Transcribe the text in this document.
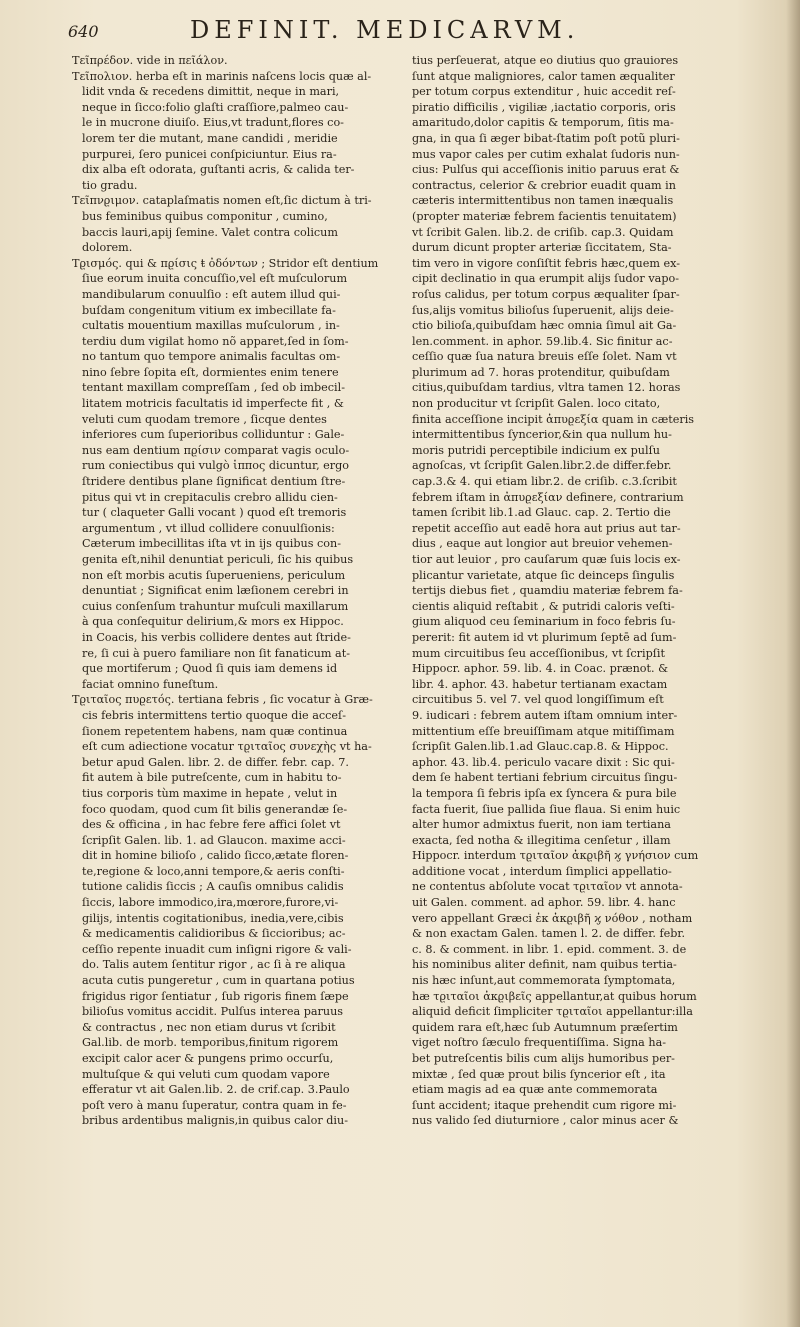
640	DEFINIT. MEDICARVM.
Τεῖπρέδον. vide in πεῖάλον.
Τεῖπολιον. herba eſt in marinis naſcens locis quæ al-
lidit vnda & recedens dimittit, neque in mari,
neque in ſicco:folio glaſti craſſiore,palmeo cau-
le in mucrone diuiſo. Eius,vt tradunt,flores co-
lorem ter die mutant, mane candidi , meridie
purpurei, ſero punicei conſpiciuntur. Eius ra-
dix alba eſt odorata, guſtanti acris, & calida ter-
tio gradu.
Τεῖπνϱιμον. cataplaſmatis nomen eſt,ſic dictum à tri-
bus feminibus quibus componitur , cumino,
baccis lauri,apij ſemine. Valet contra colicum
dolorem.
Τϱισμός. qui & πϱίσις ŧ ὀδόντων ; Stridor eſt dentium
» ſiue eorum inuita concuſſio,vel eſt muſculorum
» mandibularum conuulſio : eſt autem illud qui-
» buſdam congenitum vitium ex imbecillate fa-
» cultatis mouentium maxillas muſculorum , in-
» terdiu dum vigilat homo nõ apparet,ſed in ſom-
» no tantum quo tempore animalis facultas om-
» nino ſebre ſopita eſt, dormientes enim tenere
» tentant maxillam compreſſam , ſed ob imbecil-
» litatem motricis facultatis id imperfecte fit , &
» veluti cum quodam tremore , ſicque dentes
» inferiores cum ſuperioribus colliduntur : Gale-
» nus eam dentium πϱίσιν comparat vagis oculo-
» rum coniectibus qui vulgò ἱππος dicuntur, ergo
» ſtridere dentibus plane ſignificat dentium ſtre-
» pitus qui vt in crepitaculis crebro allidu cien-
» tur ( claqueter Galli vocant ) quod eſt tremoris
» argumentum , vt illud collidere conuulſionis:
» Cæterum imbecillitas iſta vt in ijs quibus con-
» genita eſt,nihil denuntiat periculi, ſic his quibus
» non eſt morbis acutis ſuperueniens, periculum
» denuntiat ; Significat enim læſionem cerebri in
» cuius conſenſum trahuntur muſculi maxillarum
» à qua conſequitur delirium,& mors ex Hippoc.
» in Coacis, his verbis collidere dentes aut ſtride-
» re, ſi cui à puero familiare non ſit fanaticum at-
» que mortiferum ; Quod ſi quis iam demens id
» faciat omnino funeſtum.
Τϱιταῖος πυϱετός. tertiana febris , ſic vocatur à Græ-
» cis febris intermittens tertio quoque die acceſ-
» ſionem repetentem habens, nam quæ continua
» eſt cum adiectione vocatur τϱιταῖος συνεχὴς vt ha-
» betur apud Galen. libr. 2. de differ. febr. cap. 7.
» fit autem à bile putreſcente, cum in habitu to-
» tius corporis tùm maxime in hepate , velut in
» foco quodam, quod cum ſit bilis generandæ ſe-
» des & officina , in hac febre fere affici ſolet vt
» ſcripſit Galen. lib. 1. ad Glaucon. maxime acci-
» dit in homine bilioſo , calido ſicco,ætate floren-
» te,regione & loco,anni tempore,& aeris conſti-
» tutione calidis ſiccis ; A cauſis omnibus calidis
» ſiccis, labore immodico,ira,mœrore,furore,vi-
» gilijs, intentis cogitationibus, inedia,vere,cibis
» & medicamentis calidioribus & ſiccioribus; ac-
» ceſſio repente inuadit cum inſigni rigore & vali-
» do. Talis autem ſentitur rigor , ac ſi à re aliqua
» acuta cutis pungeretur , cum in quartana potius
» frigidus rigor ſentiatur , ſub rigoris finem ſæpe
» bilioſus vomitus accidit. Pulſus interea paruus
» & contractus , nec non etiam durus vt ſcribit
» Gal.lib. de morb. temporibus,finitum rigorem
» excipit calor acer & pungens primo occurſu,
» multuſque & qui veluti cum quodam vapore
» efferatur vt ait Galen.lib. 2. de crif.cap. 3.Paulo
» poſt vero à manu ſuperatur, contra quam in fe-
» bribus ardentibus malignis,in quibus calor diu-
tius perſeuerat, atque eo diutius quo grauiores “
ſunt atque maligniores, calor tamen æqualiter “
per totum corpus extenditur , huic accedit reſ- “
piratio difficilis , vigiliæ ,iactatio corporis, oris “
amaritudo,dolor capitis & temporum, ſitis ma- “
gna, in qua ſi æger bibat-ſtatim poſt potũ pluri- “
mus vapor cales per cutim exhalat ſudoris nun- “
cius: Pulſus qui acceſſionis initio paruus erat & “
contractus, celerior & crebrior euadit quam in “
cæteris intermittentibus non tamen inæqualis “
(propter materiæ febrem facientis tenuitatem) “
vt ſcribit Galen. lib.2. de criſib. cap.3. Quidam “
durum dicunt propter arteriæ ſiccitatem, Sta- “
tim vero in vigore conſiſtit febris hæc,quem ex- “
cipit declinatio in qua erumpit alijs ſudor vapo- “
roſus calidus, per totum corpus æqualiter ſpar- “
ſus,alijs vomitus bilioſus ſuperuenit, alijs deie- “
ctio bilioſa,quibuſdam hæc omnia ſimul ait Ga- “
len.comment. in aphor. 59.lib.4. Sic finitur ac- “
ceſſio quæ ſua natura breuis eſſe ſolet. Nam vt “
plurimum ad 7. horas protenditur, quibuſdam “
citius,quibuſdam tardius, vltra tamen 12. horas “
non producitur vt ſcripſit Galen. loco citato, “
finita acceſſione incipit ἀπυϱεξία quam in cæteris “
intermittentibus ſyncerior,&in qua nullum hu- “
moris putridi perceptibile indicium ex pulſu “
agnoſcas, vt ſcripſit Galen.libr.2.de differ.febr. “
cap.3.& 4. qui etiam libr.2. de criſib. c.3.ſcribit “
febrem iſtam in ἀπυϱεξίαν definere, contrarium “
tamen ſcribit lib.1.ad Glauc. cap. 2. Tertio die “
repetit acceſſio aut eadē hora aut prius aut tar- “
dius , eaque aut longior aut breuior vehemen- “
tior aut leuior , pro cauſarum quæ ſuis locis ex- “
plicantur varietate, atque ſic deinceps ſingulis “
tertijs diebus fiet , quamdiu materiæ febrem fa- “
cientis aliquid reſtabit , & putridi caloris veſti- “
gium aliquod ceu ſeminarium in foco febris ſu- “
pererit: fit autem id vt plurimum ſeptē ad ſum- “
mum circuitibus ſeu acceſſionibus, vt ſcripſit “
Hippocr. aphor. 59. lib. 4. in Coac. prænot. & “
libr. 4. aphor. 43. habetur tertianam exactam “
circuitibus 5. vel 7. vel quod longiſſimum eſt “
9. iudicari : febrem autem iſtam omnium inter- “
mittentium eſſe breuiſſimam atque mitiſſimam “
ſcripſit Galen.lib.1.ad Glauc.cap.8. & Hippoc. “
aphor. 43. lib.4. periculo vacare dixit : Sic qui- “
dem ſe habent tertiani febrium circuitus ſingu- “
la tempora ſi febris ipſa ex ſyncera & pura bile “
facta fuerit, ſiue pallida ſiue flaua. Si enim huic “
alter humor admixtus fuerit, non iam tertiana “
exacta, ſed notha & illegitima cenſetur , illam “
Hippocr. interdum τϱιταῖον ἀκϱιβῆ ϗ γνήσιον cum “
additione vocat , interdum ſimplici appellatio- “
ne contentus abſolute vocat τϱιταῖον vt annota- “
uit Galen. comment. ad aphor. 59. libr. 4. hanc “
vero appellant Græci ἐκ ἀκϱιβῆ ϗ νόθον , notham “
& non exactam Galen. tamen l. 2. de differ. febr. “
c. 8. & comment. in libr. 1. epid. comment. 3. de “
his nominibus aliter definit, nam quibus tertia- “
nis hæc inſunt,aut commemorata ſymptomata, “
hæ τϱιταῖοι ἀκϱιβεῖς appellantur,at quibus horum “
aliquid deficit ſimpliciter τϱιταῖοι appellantur:illa “
quidem rara eſt,hæc ſub Autumnum præſertim “
viget noſtro ſæculo frequentiſſima. Signa ha- “
bet putreſcentis bilis cum alijs humoribus per- “
mixtæ , ſed quæ prout bilis ſyncerior eſt , ita “
etiam magis ad ea quæ ante commemorata “
ſunt accident; itaque prehendit cum rigore mi- “
nus valido ſed diuturniore , calor minus acer & “
